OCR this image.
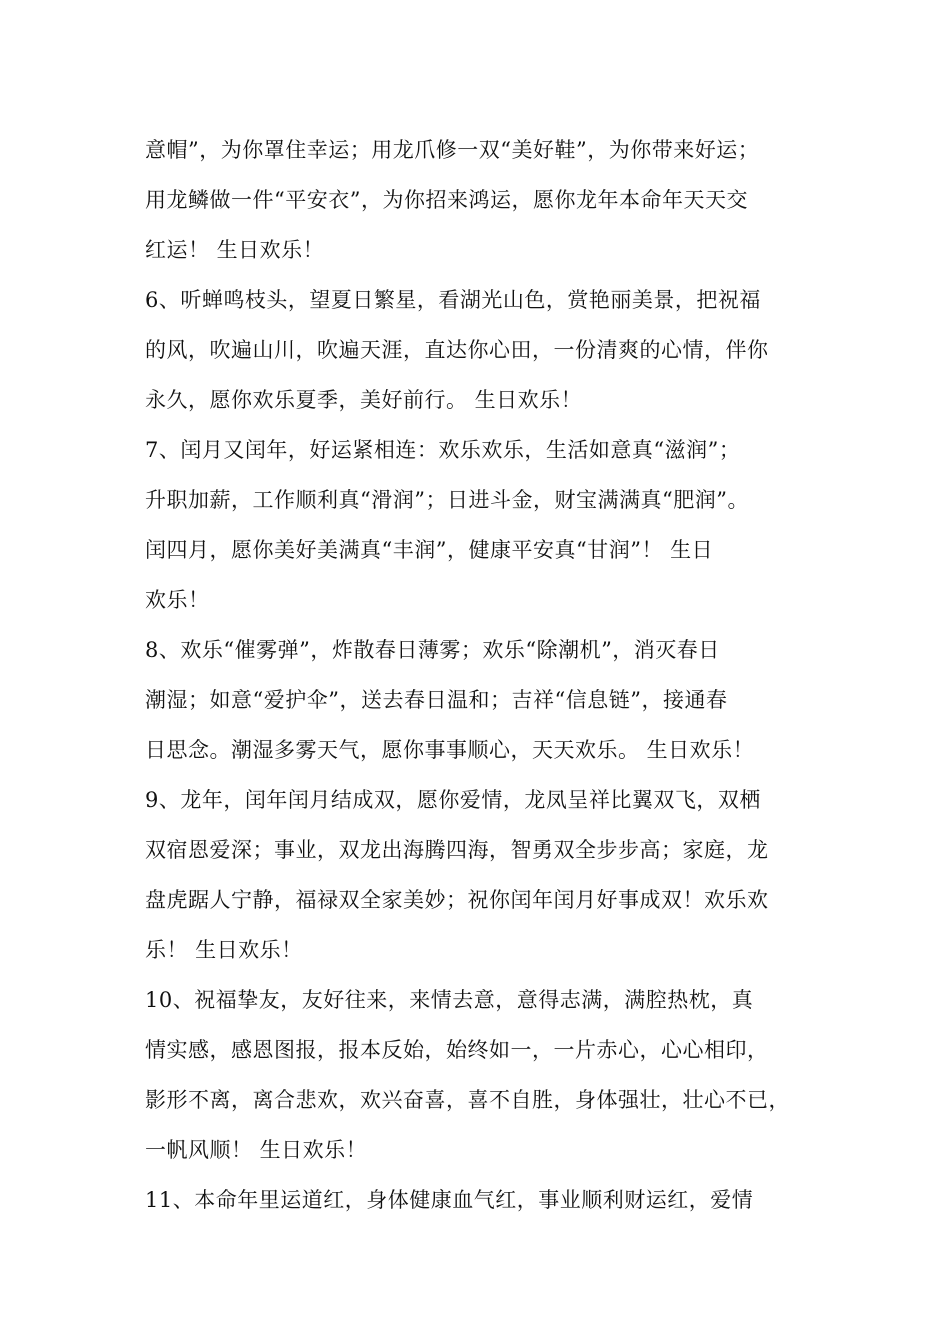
意帽”，为你罩住幸运；用龙爪修一双“美好鞋”，为你带来好运；
用龙鳞做一件“平安衣”，为你招来鸿运，愿你龙年本命年天天交
红运！ 生日欢乐！
6、听蝉鸣枝头，望夏日繁星，看湖光山色，赏艳丽美景，把祝福
的风，吹遍山川，吹遍天涯，直达你心田，一份清爽的心情，伴你
永久，愿你欢乐夏季，美好前行。 生日欢乐！
7、闰月又闰年，好运紧相连：欢乐欢乐，生活如意真“滋润”；
升职加薪，工作顺利真“滑润”；日进斗金，财宝满满真“肥润”。
闰四月，愿你美好美满真“丰润”，健康平安真“甘润”！ 生日
欢乐！
8、欢乐“催雾弹”，炸散春日薄雾；欢乐“除潮机”，消灭春日
潮湿；如意“爱护伞”，送去春日温和；吉祥“信息链”，接通春
日思念。潮湿多雾天气，愿你事事顺心，天天欢乐。 生日欢乐！
9、龙年，闰年闰月结成双，愿你爱情，龙凤呈祥比翼双飞，双栖
双宿恩爱深；事业，双龙出海腾四海，智勇双全步步高；家庭，龙
盘虎踞人宁静，福禄双全家美妙；祝你闰年闰月好事成双！欢乐欢
乐！ 生日欢乐！
10、祝福挚友，友好往来，来情去意，意得志满，满腔热枕，真
情实感，感恩图报，报本反始，始终如一，一片赤心，心心相印，
影形不离，离合悲欢，欢兴奋喜，喜不自胜，身体强壮，壮心不已，
一帆风顺！ 生日欢乐！
11、本命年里运道红，身体健康血气红，事业顺利财运红，爱情
